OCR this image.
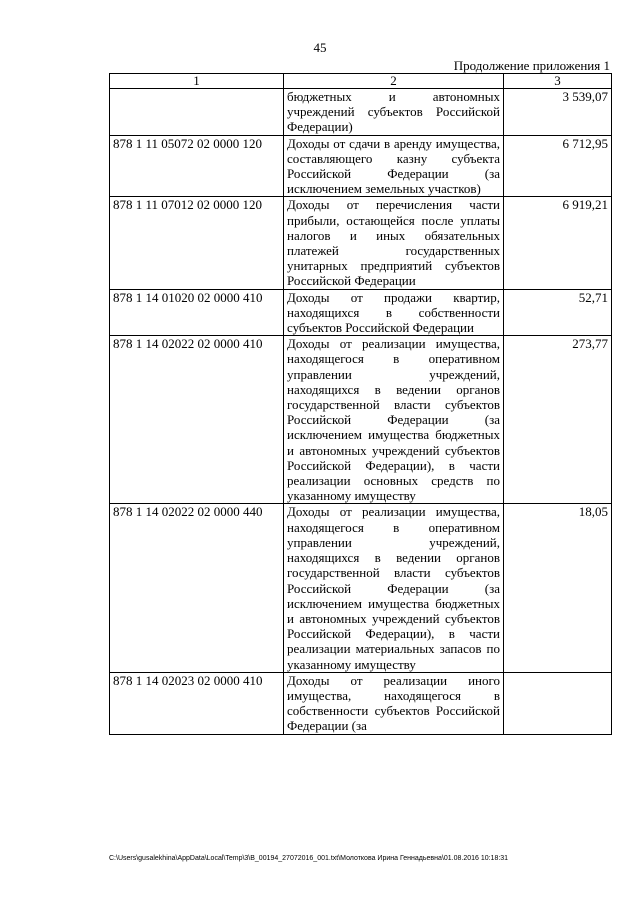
45
Продолжение приложения 1
1	2	3
	бюджетных и автономных учреждений субъектов Российской Федерации)	3 539,07
878 1 11 05072 02 0000 120	Доходы от сдачи в аренду имущества, составляющего казну субъекта Российской Федерации (за исключением земельных участков)	6 712,95
878 1 11 07012 02 0000 120	Доходы от перечисления части прибыли, остающейся после уплаты налогов и иных обязательных платежей государственных унитарных предприятий субъектов Российской Федерации	6 919,21
878 1 14 01020 02 0000 410	Доходы от продажи квартир, находящихся в собственности субъектов Российской Федерации	52,71
878 1 14 02022 02 0000 410	Доходы от реализации имущества, находящегося в оперативном управлении учреждений, находящихся в ведении органов государственной власти субъектов Российской Федерации (за исключением имущества бюджетных и автономных учреждений субъектов Российской Федерации), в части реализации основных средств по указанному имуществу	273,77
878 1 14 02022 02 0000 440	Доходы от реализации имущества, находящегося в оперативном управлении учреждений, находящихся в ведении органов государственной власти субъектов Российской Федерации (за исключением имущества бюджетных и автономных учреждений субъектов Российской Федерации), в части реализации материальных запасов по указанному имуществу	18,05
878 1 14 02023 02 0000 410	Доходы от реализации иного имущества, находящегося в собственности субъектов Российской Федерации (за	
C:\Users\gusalekhina\AppData\Local\Temp\3\В_00194_27072016_001.txt\Молоткова Ирина Геннадьевна\01.08.2016 10:18:31
